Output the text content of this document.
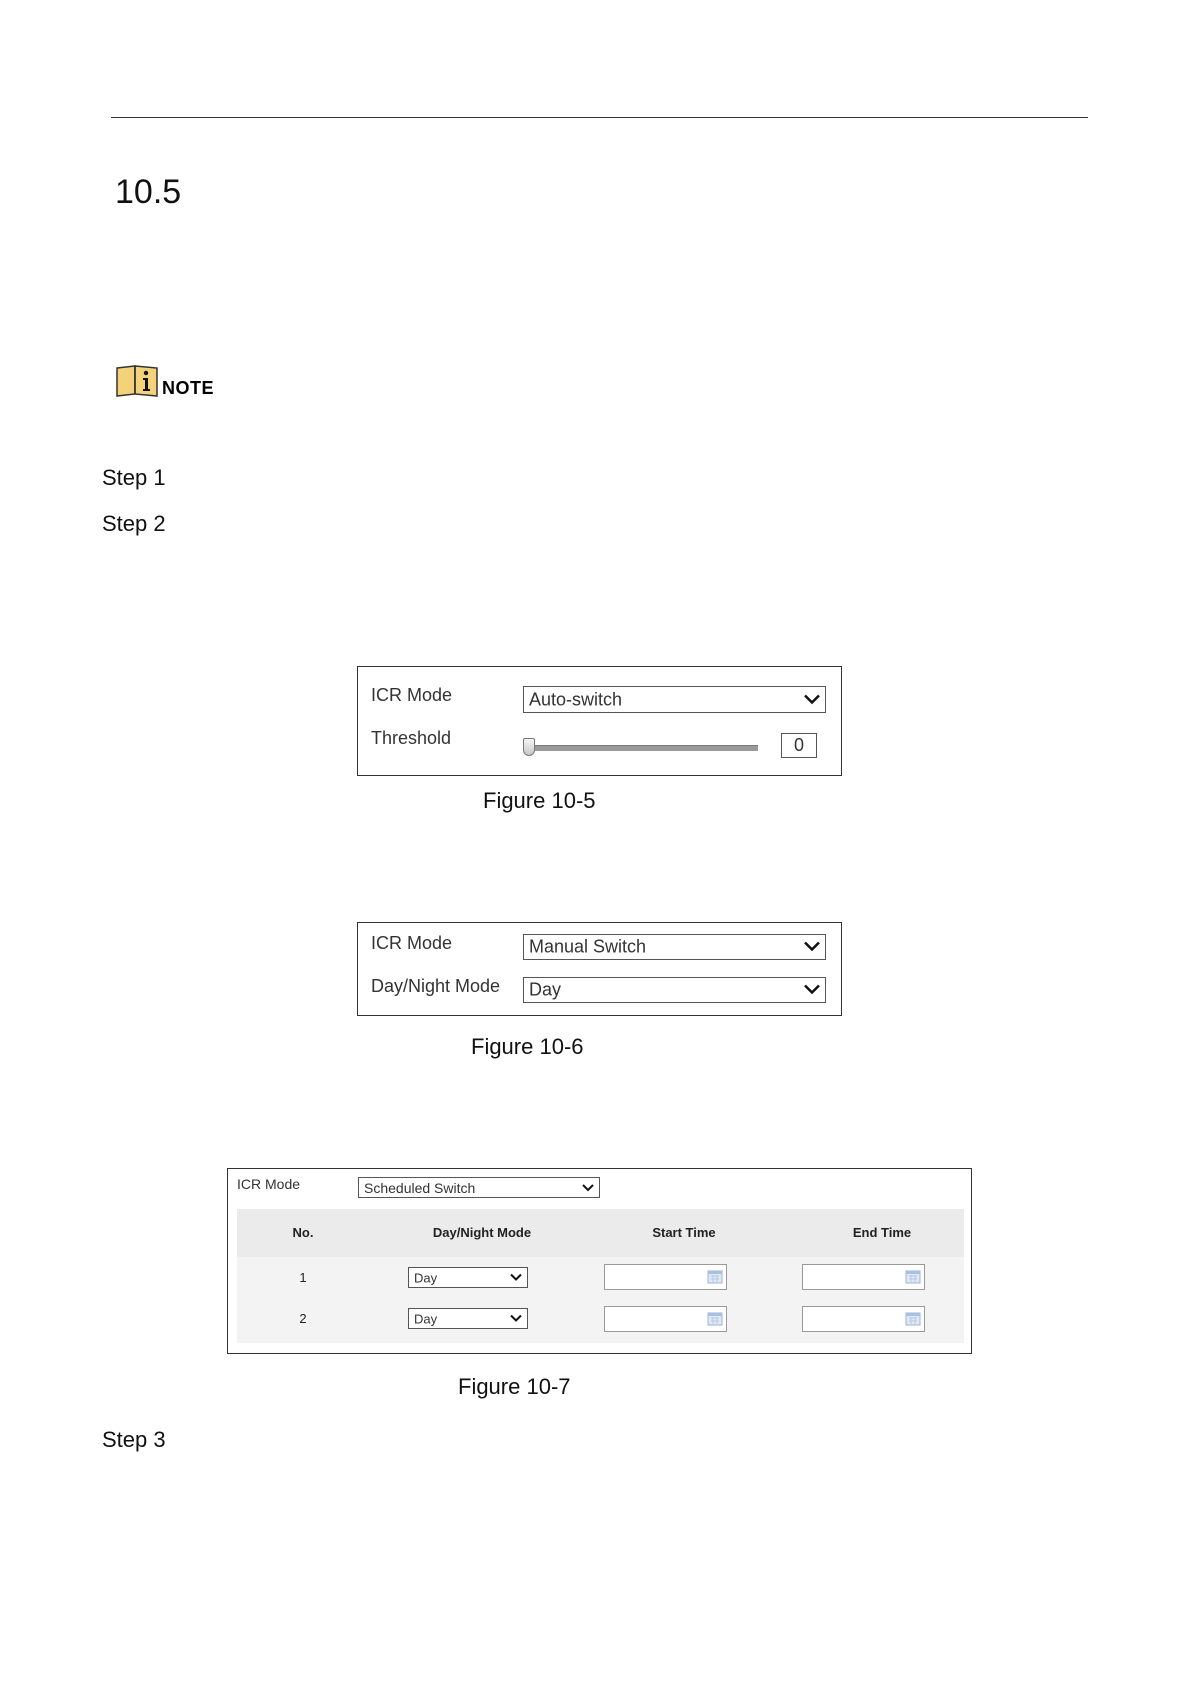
10.5
NOTE
Step 1
Step 2
Step 3
ICR Mode	Auto-switch
Threshold	0
Figure 10-5
ICR Mode	Manual Switch
Day/Night Mode Day
Figure 10-6
ICR Mode	Scheduled Switch
No.	Day/Night Mode	Start Time	End Time
1	Day
2	Day
Figure 10-7
